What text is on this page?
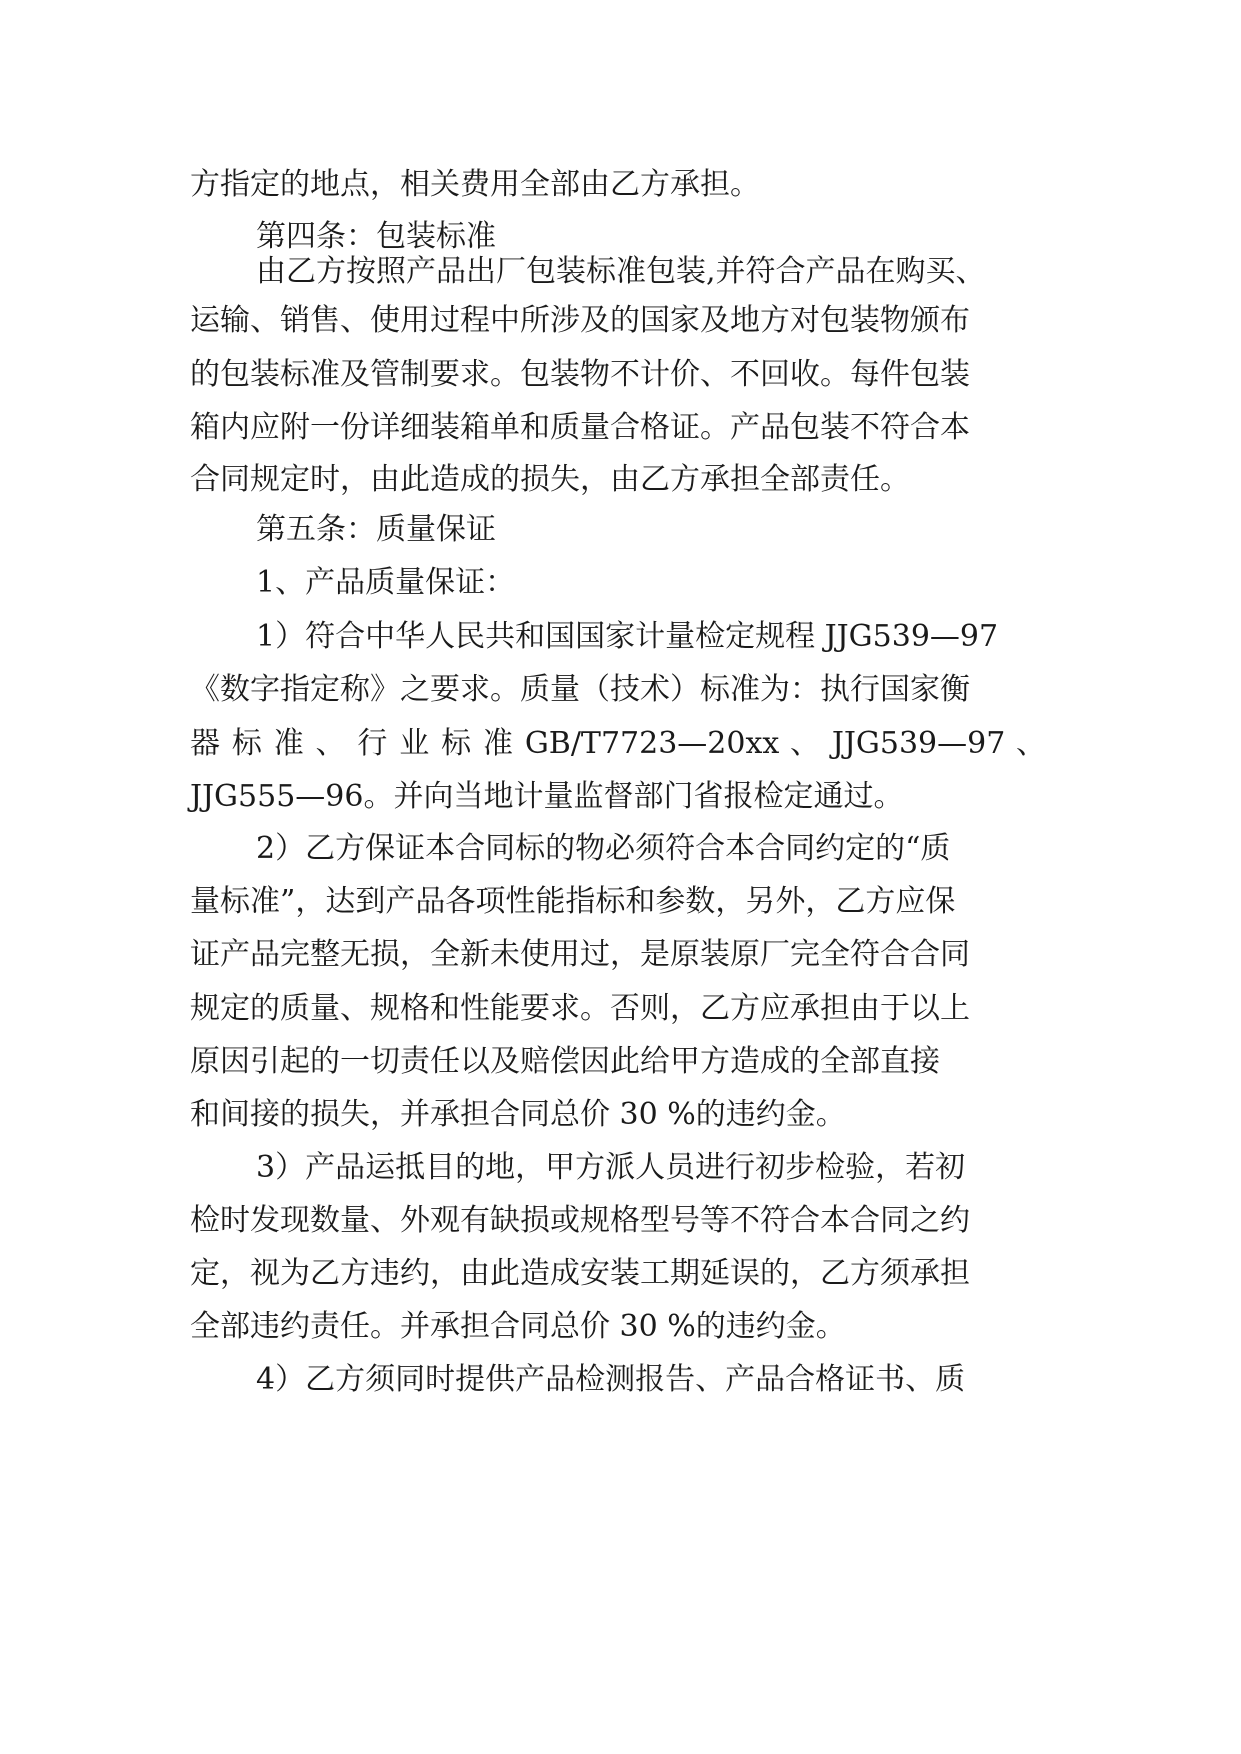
方指定的地点，相关费用全部由乙方承担。
第四条：包装标准
由乙方按照产品出厂包装标准包装,并符合产品在购买、
运输、销售、使用过程中所涉及的国家及地方对包装物颁布
的包装标准及管制要求。包装物不计价、不回收。每件包装
箱内应附一份详细装箱单和质量合格证。产品包装不符合本
合同规定时，由此造成的损失，由乙方承担全部责任。
第五条：质量保证
1、产品质量保证：
1）符合中华人民共和国国家计量检定规程 JJG539—97
《数字指定称》之要求。质量（技术）标准为：执行国家衡
器 标 准 、 行 业 标 准 GB/T7723—20xx 、 JJG539—97 、
JJG555—96。并向当地计量监督部门省报检定通过。
2）乙方保证本合同标的物必须符合本合同约定的“质
量标准”，达到产品各项性能指标和参数，另外，乙方应保
证产品完整无损，全新未使用过，是原装原厂完全符合合同
规定的质量、规格和性能要求。否则，乙方应承担由于以上
原因引起的一切责任以及赔偿因此给甲方造成的全部直接
和间接的损失，并承担合同总价 30 %的违约金。
3）产品运抵目的地，甲方派人员进行初步检验，若初
检时发现数量、外观有缺损或规格型号等不符合本合同之约
定，视为乙方违约，由此造成安装工期延误的，乙方须承担
全部违约责任。并承担合同总价 30 %的违约金。
4）乙方须同时提供产品检测报告、产品合格证书、质
